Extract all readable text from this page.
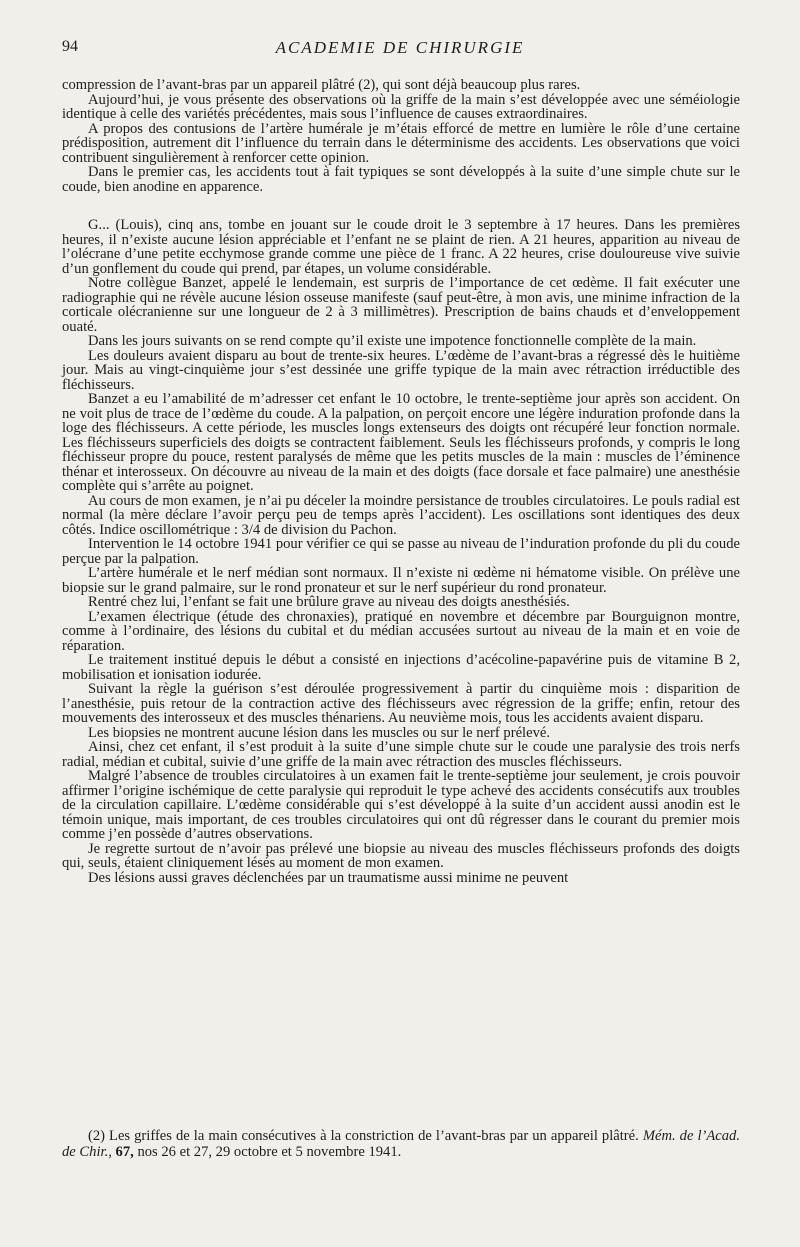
94	ACADEMIE DE CHIRURGIE

compression de l’avant-bras par un appareil plâtré (2), qui sont déjà beaucoup plus rares.

Aujourd’hui, je vous présente des observations où la griffe de la main s’est développée avec une séméiologie identique à celle des variétés précédentes, mais sous l’influence de causes extraordinaires.

A propos des contusions de l’artère humérale je m’étais efforcé de mettre en lumière le rôle d’une certaine prédisposition, autrement dit l’influence du terrain dans le déterminisme des accidents. Les observations que voici contribuent singulièrement à renforcer cette opinion.

Dans le premier cas, les accidents tout à fait typiques se sont développés à la suite d’une simple chute sur le coude, bien anodine en apparence.

G... (Louis), cinq ans, tombe en jouant sur le coude droit le 3 septembre à 17 heures. Dans les premières heures, il n’existe aucune lésion appréciable et l’enfant ne se plaint de rien. A 21 heures, apparition au niveau de l’olécrane d’une petite ecchymose grande comme une pièce de 1 franc. A 22 heures, crise douloureuse vive suivie d’un gonflement du coude qui prend, par étapes, un volume considérable.

Notre collègue Banzet, appelé le lendemain, est surpris de l’importance de cet œdème. Il fait exécuter une radiographie qui ne révèle aucune lésion osseuse manifeste (sauf peut-être, à mon avis, une minime infraction de la corticale olécranienne sur une longueur de 2 à 3 millimètres). Prescription de bains chauds et d’enveloppement ouaté.

Dans les jours suivants on se rend compte qu’il existe une impotence fonctionnelle complète de la main.

Les douleurs avaient disparu au bout de trente-six heures. L’œdème de l’avant-bras a régressé dès le huitième jour. Mais au vingt-cinquième jour s’est dessinée une griffe typique de la main avec rétraction irréductible des fléchisseurs.

Banzet a eu l’amabilité de m’adresser cet enfant le 10 octobre, le trente-septième jour après son accident. On ne voit plus de trace de l’œdème du coude. A la palpation, on perçoit encore une légère induration profonde dans la loge des fléchisseurs. A cette période, les muscles longs extenseurs des doigts ont récupéré leur fonction normale. Les fléchisseurs superficiels des doigts se contractent faiblement. Seuls les fléchisseurs profonds, y compris le long fléchisseur propre du pouce, restent paralysés de même que les petits muscles de la main : muscles de l’éminence thénar et interosseux. On découvre au niveau de la main et des doigts (face dorsale et face palmaire) une anesthésie complète qui s’arrête au poignet.

Au cours de mon examen, je n’ai pu déceler la moindre persistance de troubles circulatoires. Le pouls radial est normal (la mère déclare l’avoir perçu peu de temps après l’accident). Les oscillations sont identiques des deux côtés. Indice oscillométrique : 3/4 de division du Pachon.

Intervention le 14 octobre 1941 pour vérifier ce qui se passe au niveau de l’induration profonde du pli du coude perçue par la palpation.

L’artère humérale et le nerf médian sont normaux. Il n’existe ni œdème ni hématome visible. On prélève une biopsie sur le grand palmaire, sur le rond pronateur et sur le nerf supérieur du rond pronateur.

Rentré chez lui, l’enfant se fait une brûlure grave au niveau des doigts anesthésiés.

L’examen électrique (étude des chronaxies), pratiqué en novembre et décembre par Bourguignon montre, comme à l’ordinaire, des lésions du cubital et du médian accusées surtout au niveau de la main et en voie de réparation.

Le traitement institué depuis le début a consisté en injections d’acécoline-papavérine puis de vitamine B 2, mobilisation et ionisation iodurée.

Suivant la règle la guérison s’est déroulée progressivement à partir du cinquième mois : disparition de l’anesthésie, puis retour de la contraction active des fléchisseurs avec régression de la griffe; enfin, retour des mouvements des interosseux et des muscles thénariens. Au neuvième mois, tous les accidents avaient disparu.

Les biopsies ne montrent aucune lésion dans les muscles ou sur le nerf prélevé.

Ainsi, chez cet enfant, il s’est produit à la suite d’une simple chute sur le coude une paralysie des trois nerfs radial, médian et cubital, suivie d’une griffe de la main avec rétraction des muscles fléchisseurs.

Malgré l’absence de troubles circulatoires à un examen fait le trente-septième jour seulement, je crois pouvoir affirmer l’origine ischémique de cette paralysie qui reproduit le type achevé des accidents consécutifs aux troubles de la circulation capillaire. L’œdème considérable qui s’est développé à la suite d’un accident aussi anodin est le témoin unique, mais important, de ces troubles circulatoires qui ont dû régresser dans le courant du premier mois comme j’en possède d’autres observations.

Je regrette surtout de n’avoir pas prélevé une biopsie au niveau des muscles fléchisseurs profonds des doigts qui, seuls, étaient cliniquement lésés au moment de mon examen.

Des lésions aussi graves déclenchées par un traumatisme aussi minime ne peuvent

(2) Les griffes de la main consécutives à la constriction de l’avant-bras par un appareil plâtré. Mém. de l’Acad. de Chir., 67, nos 26 et 27, 29 octobre et 5 novembre 1941.
